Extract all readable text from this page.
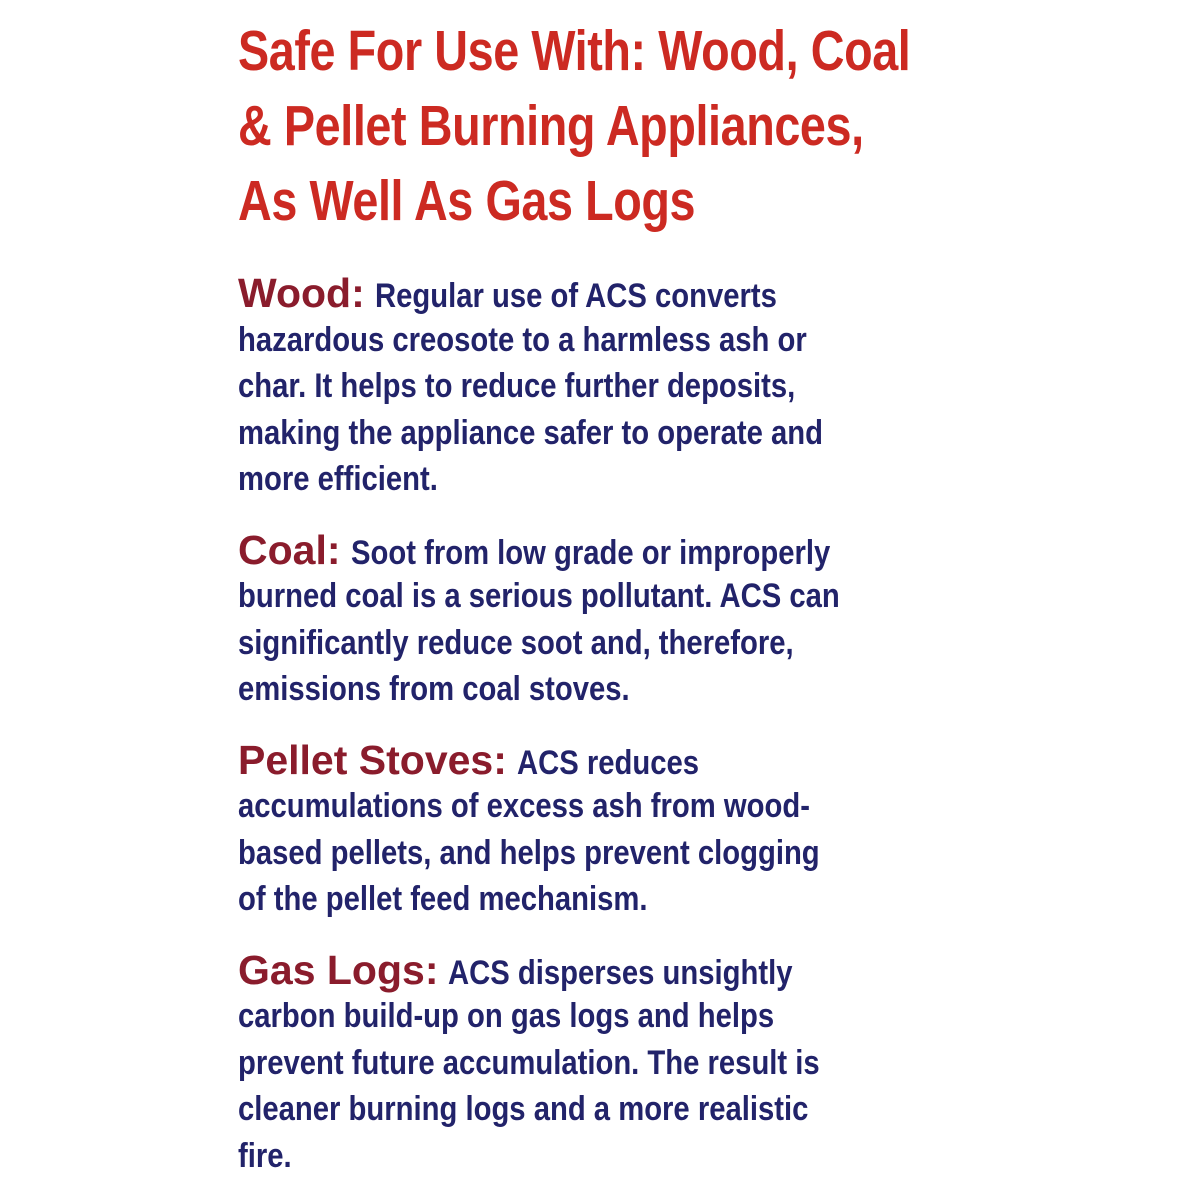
Safe For Use With: Wood, Coal
& Pellet Burning Appliances,
As Well As Gas Logs
Wood: Regular use of ACS converts
hazardous creosote to a harmless ash or
char. It helps to reduce further deposits,
making the appliance safer to operate and
more efficient.
Coal: Soot from low grade or improperly
burned coal is a serious pollutant. ACS can
significantly reduce soot and, therefore,
emissions from coal stoves.
Pellet Stoves: ACS reduces
accumulations of excess ash from wood-
based pellets, and helps prevent clogging
of the pellet feed mechanism.
Gas Logs: ACS disperses unsightly
carbon build-up on gas logs and helps
prevent future accumulation. The result is
cleaner burning logs and a more realistic
fire.
